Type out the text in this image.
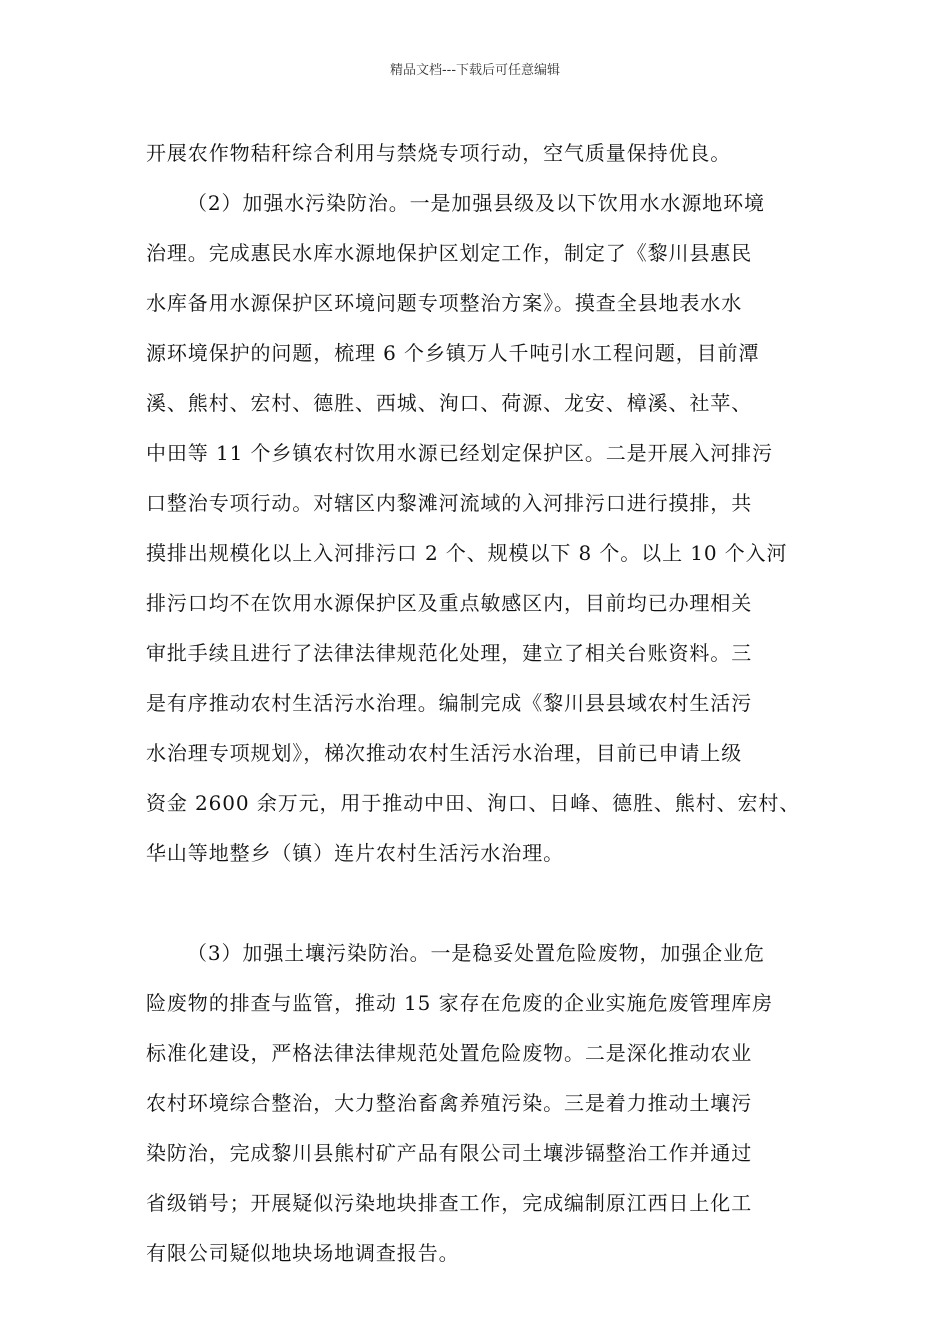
精品文档---下载后可任意编辑
开展农作物秸秆综合利用与禁烧专项行动，空气质量保持优良。
（2）加强水污染防治。一是加强县级及以下饮用水水源地环境
治理。完成惠民水库水源地保护区划定工作，制定了《黎川县惠民
水库备用水源保护区环境问题专项整治方案》。摸查全县地表水水
源环境保护的问题，梳理 6 个乡镇万人千吨引水工程问题，目前潭
溪、熊村、宏村、德胜、西城、洵口、荷源、龙安、樟溪、社苹、
中田等 11 个乡镇农村饮用水源已经划定保护区。二是开展入河排污
口整治专项行动。对辖区内黎滩河流域的入河排污口进行摸排，共
摸排出规模化以上入河排污口 2 个、规模以下 8 个。以上 10 个入河
排污口均不在饮用水源保护区及重点敏感区内，目前均已办理相关
审批手续且进行了法律法律规范化处理，建立了相关台账资料。三
是有序推动农村生活污水治理。编制完成《黎川县县域农村生活污
水治理专项规划》，梯次推动农村生活污水治理，目前已申请上级
资金 2600 余万元，用于推动中田、洵口、日峰、德胜、熊村、宏村、
华山等地整乡（镇）连片农村生活污水治理。
（3）加强土壤污染防治。一是稳妥处置危险废物，加强企业危
险废物的排查与监管，推动 15 家存在危废的企业实施危废管理库房
标准化建设，严格法律法律规范处置危险废物。二是深化推动农业
农村环境综合整治，大力整治畜禽养殖污染。三是着力推动土壤污
染防治，完成黎川县熊村矿产品有限公司土壤涉镉整治工作并通过
省级销号；开展疑似污染地块排查工作，完成编制原江西日上化工
有限公司疑似地块场地调查报告。
